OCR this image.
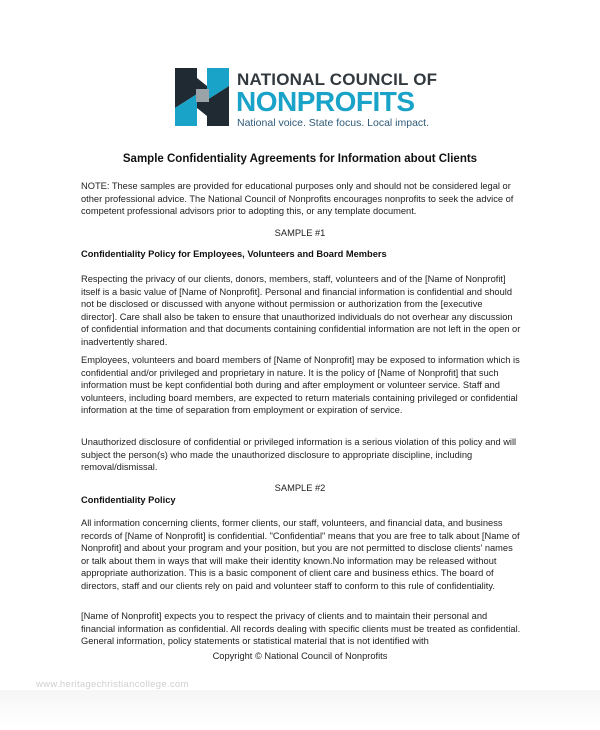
NATIONAL COUNCIL OF
NONPROFITS
National voice. State focus. Local impact.
Sample Confidentiality Agreements for Information about Clients
NOTE: These samples are provided for educational purposes only and should not be considered legal or other professional advice. The National Council of Nonprofits encourages nonprofits to seek the advice of competent professional advisors prior to adopting this, or any template document.
SAMPLE #1
Confidentiality Policy for Employees, Volunteers and Board Members
Respecting the privacy of our clients, donors, members, staff, volunteers and of the [Name of Nonprofit] itself is a basic value of [Name of Nonprofit]. Personal and financial information is confidential and should not be disclosed or discussed with anyone without permission or authorization from the [executive director]. Care shall also be taken to ensure that unauthorized individuals do not overhear any discussion of confidential information and that documents containing confidential information are not left in the open or inadvertently shared.
Employees, volunteers and board members of [Name of Nonprofit] may be exposed to information which is confidential and/or privileged and proprietary in nature. It is the policy of [Name of Nonprofit] that such information must be kept confidential both during and after employment or volunteer service. Staff and volunteers, including board members, are expected to return materials containing privileged or confidential information at the time of separation from employment or expiration of service.
Unauthorized disclosure of confidential or privileged information is a serious violation of this policy and will subject the person(s) who made the unauthorized disclosure to appropriate discipline, including removal/dismissal.
SAMPLE #2
Confidentiality Policy
All information concerning clients, former clients, our staff, volunteers, and financial data, and business records of [Name of Nonprofit] is confidential. "Confidential" means that you are free to talk about [Name of Nonprofit] and about your program and your position, but you are not permitted to disclose clients' names or talk about them in ways that will make their identity known.No information may be released without appropriate authorization. This is a basic component of client care and business ethics. The board of directors, staff and our clients rely on paid and volunteer staff to conform to this rule of confidentiality.
[Name of Nonprofit] expects you to respect the privacy of clients and to maintain their personal and financial information as confidential. All records dealing with specific clients must be treated as confidential. General information, policy statements or statistical material that is not identified with
Copyright © National Council of Nonprofits
www.heritagechristiancollege.com
